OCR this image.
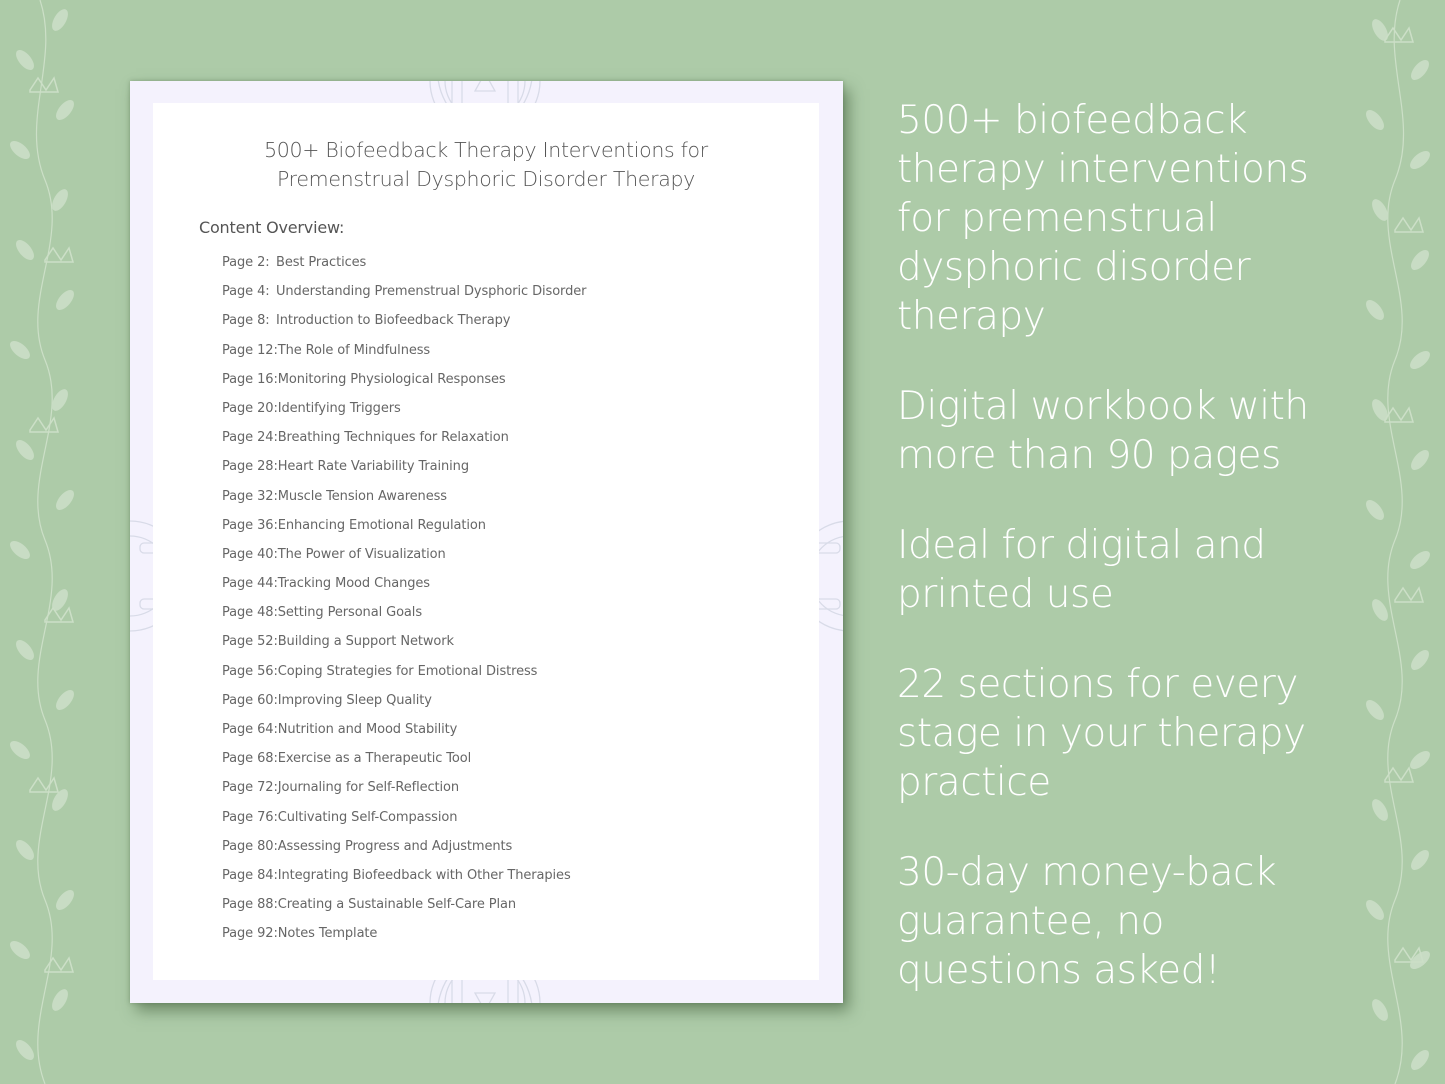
500+ Biofeedback Therapy Interventions for
Premenstrual Dysphoric Disorder Therapy
Content Overview:
Page 2: Best Practices
Page 4: Understanding Premenstrual Dysphoric Disorder
Page 8: Introduction to Biofeedback Therapy
Page 12:The Role of Mindfulness
Page 16:Monitoring Physiological Responses
Page 20:Identifying Triggers
Page 24:Breathing Techniques for Relaxation
Page 28:Heart Rate Variability Training
Page 32:Muscle Tension Awareness
Page 36:Enhancing Emotional Regulation
Page 40:The Power of Visualization
Page 44:Tracking Mood Changes
Page 48:Setting Personal Goals
Page 52:Building a Support Network
Page 56:Coping Strategies for Emotional Distress
Page 60:Improving Sleep Quality
Page 64:Nutrition and Mood Stability
Page 68:Exercise as a Therapeutic Tool
Page 72:Journaling for Self-Reflection
Page 76:Cultivating Self-Compassion
Page 80:Assessing Progress and Adjustments
Page 84:Integrating Biofeedback with Other Therapies
Page 88:Creating a Sustainable Self-Care Plan
Page 92:Notes Template
500+ biofeedback
therapy interventions
for premenstrual
dysphoric disorder
therapy
Digital workbook with
more than 90 pages
Ideal for digital and
printed use
22 sections for every
stage in your therapy
practice
30-day money-back
guarantee, no
questions asked!
